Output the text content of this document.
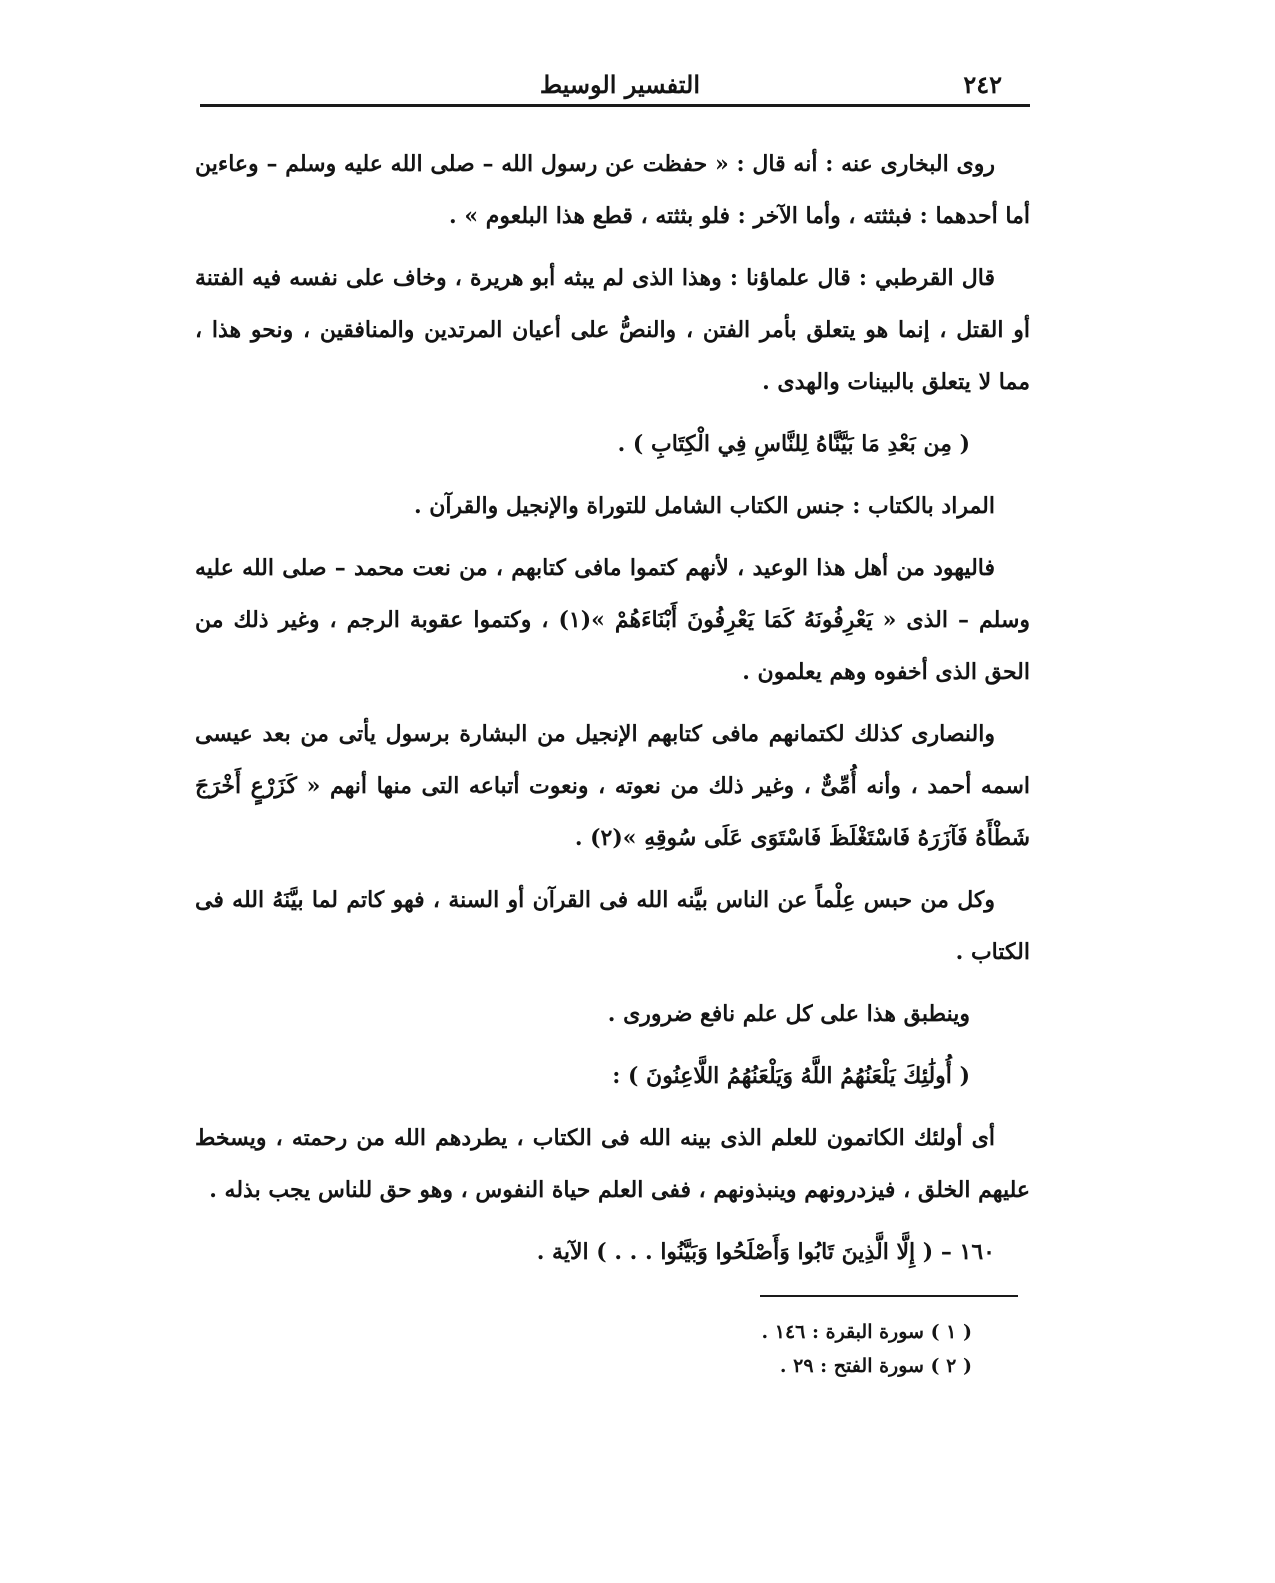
٢٤٢
التفسير الوسيط

روى البخارى عنه : أنه قال : « حفظت عن رسول الله – صلى الله عليه وسلم – وعاءين أما أحدهما : فبثثته ، وأما الآخر : فلو بثثته ، قطع هذا البلعوم » .

قال القرطبي : قال علماؤنا : وهذا الذى لم يبثه أبو هريرة ، وخاف على نفسه فيه الفتنة أو القتل ، إنما هو يتعلق بأمر الفتن ، والنصُّ على أعيان المرتدين والمنافقين ، ونحو هذا ، مما لا يتعلق بالبينات والهدى .

( مِن بَعْدِ مَا بَيَّنَّاهُ لِلنَّاسِ فِي الْكِتَابِ ) .

المراد بالكتاب : جنس الكتاب الشامل للتوراة والإنجيل والقرآن .

فاليهود من أهل هذا الوعيد ، لأنهم كتموا مافى كتابهم ، من نعت محمد – صلى الله عليه وسلم – الذى « يَعْرِفُونَهُ كَمَا يَعْرِفُونَ أَبْنَاءَهُمْ »(١) ، وكتموا عقوبة الرجم ، وغير ذلك من الحق الذى أخفوه وهم يعلمون .

والنصارى كذلك لكتمانهم مافى كتابهم الإنجيل من البشارة برسول يأتى من بعد عيسى اسمه أحمد ، وأنه أُمِّىٌّ ، وغير ذلك من نعوته ، ونعوت أتباعه التى منها أنهم « كَزَرْعٍ أَخْرَجَ شَطْأَهُ فَآزَرَهُ فَاسْتَغْلَظَ فَاسْتَوَى عَلَى سُوقِهِ »(٢) .

وكل من حبس عِلْماً عن الناس بيَّنه الله فى القرآن أو السنة ، فهو كاتم لما بيَّنَهُ الله فى الكتاب .

وينطبق هذا على كل علم نافع ضرورى .

( أُولَٰئِكَ يَلْعَنُهُمُ اللَّهُ وَيَلْعَنُهُمُ اللَّاعِنُونَ ) :

أى أولئك الكاتمون للعلم الذى بينه الله فى الكتاب ، يطردهم الله من رحمته ، ويسخط عليهم الخلق ، فيزدرونهم وينبذونهم ، ففى العلم حياة النفوس ، وهو حق للناس يجب بذله .

١٦٠ – ( إِلَّا الَّذِينَ تَابُوا وَأَصْلَحُوا وَبَيَّنُوا . . . ) الآية .

( ١ ) سورة البقرة : ١٤٦ .

( ٢ ) سورة الفتح : ٢٩ .
